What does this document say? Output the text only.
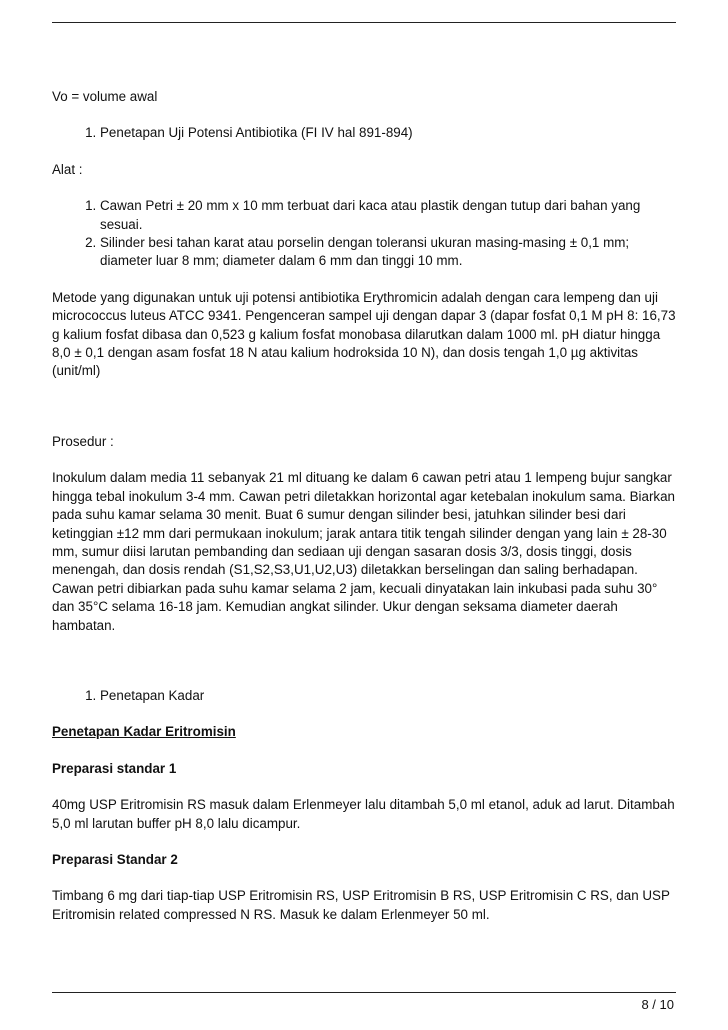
Vo = volume awal

1. Penetapan Uji Potensi Antibiotika (FI IV hal 891-894)

Alat :

1. Cawan Petri ± 20 mm x 10 mm terbuat dari kaca atau plastik dengan tutup dari bahan yang sesuai.
2. Silinder besi tahan karat atau porselin dengan toleransi ukuran masing-masing ± 0,1 mm; diameter luar 8 mm; diameter dalam 6 mm dan tinggi 10 mm.

Metode yang digunakan untuk uji potensi antibiotika Erythromicin adalah dengan cara lempeng dan uji micrococcus luteus ATCC 9341. Pengenceran sampel uji dengan dapar 3 (dapar fosfat 0,1 M pH 8: 16,73 g kalium fosfat dibasa dan 0,523 g kalium fosfat monobasa dilarutkan dalam 1000 ml. pH diatur hingga 8,0 ± 0,1 dengan asam fosfat 18 N atau kalium hodroksida 10 N), dan dosis tengah 1,0 µg aktivitas (unit/ml)

Prosedur :

Inokulum dalam media 11 sebanyak 21 ml dituang ke dalam 6 cawan petri atau 1 lempeng bujur sangkar hingga tebal inokulum 3-4 mm. Cawan petri diletakkan horizontal agar ketebalan inokulum sama. Biarkan pada suhu kamar selama 30 menit. Buat 6 sumur dengan silinder besi, jatuhkan silinder besi dari ketinggian ±12 mm dari permukaan inokulum; jarak antara titik tengah silinder dengan yang lain ± 28-30 mm, sumur diisi larutan pembanding dan sediaan uji dengan sasaran dosis 3/3, dosis tinggi, dosis menengah, dan dosis rendah (S1,S2,S3,U1,U2,U3) diletakkan berselingan dan saling berhadapan. Cawan petri dibiarkan pada suhu kamar selama 2 jam, kecuali dinyatakan lain inkubasi pada suhu 30° dan 35°C selama 16-18 jam. Kemudian angkat silinder. Ukur dengan seksama diameter daerah hambatan.

1. Penetapan Kadar

Penetapan Kadar Eritromisin

Preparasi standar 1

40mg USP Eritromisin RS masuk dalam Erlenmeyer lalu ditambah 5,0 ml etanol, aduk ad larut. Ditambah 5,0 ml larutan buffer pH 8,0 lalu dicampur.

Preparasi Standar 2

Timbang 6 mg dari tiap-tiap USP Eritromisin RS, USP Eritromisin B RS, USP Eritromisin C RS, dan USP Eritromisin related compressed N RS. Masuk ke dalam Erlenmeyer 50 ml.

8 / 10
